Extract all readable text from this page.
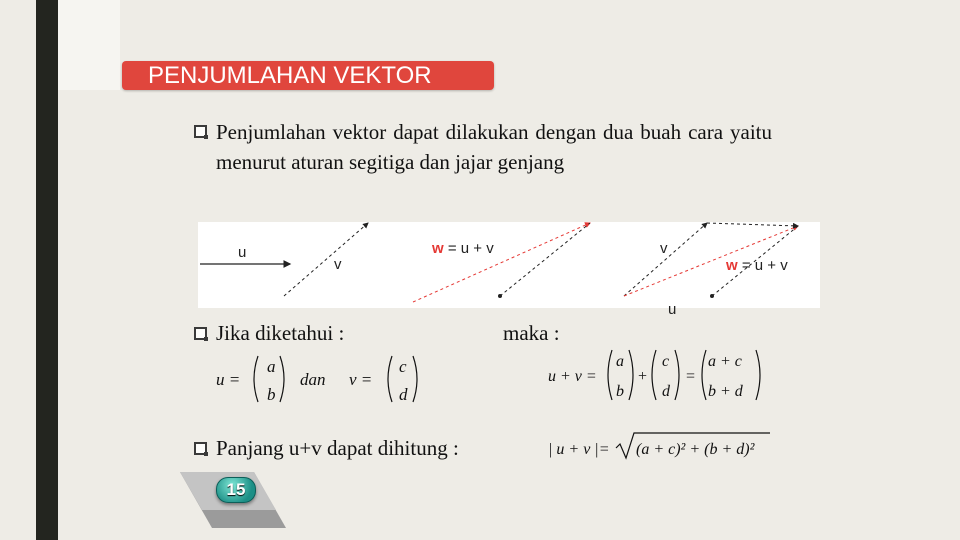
PENJUMLAHAN VEKTOR
Penjumlahan vektor dapat dilakukan dengan dua buah cara yaitu menurut aturan segitiga dan jajar genjang
u
v
w = u + v	v
w = u + v
u
Jika diketahui :	maka :
u =
a
b
dan v =
c
d
u + v =
a
b
+
c
d
=
a + c
b + d
Panjang u+v dapat dihitung :	| u + v |= (a + c)² + (b + d)²
15
